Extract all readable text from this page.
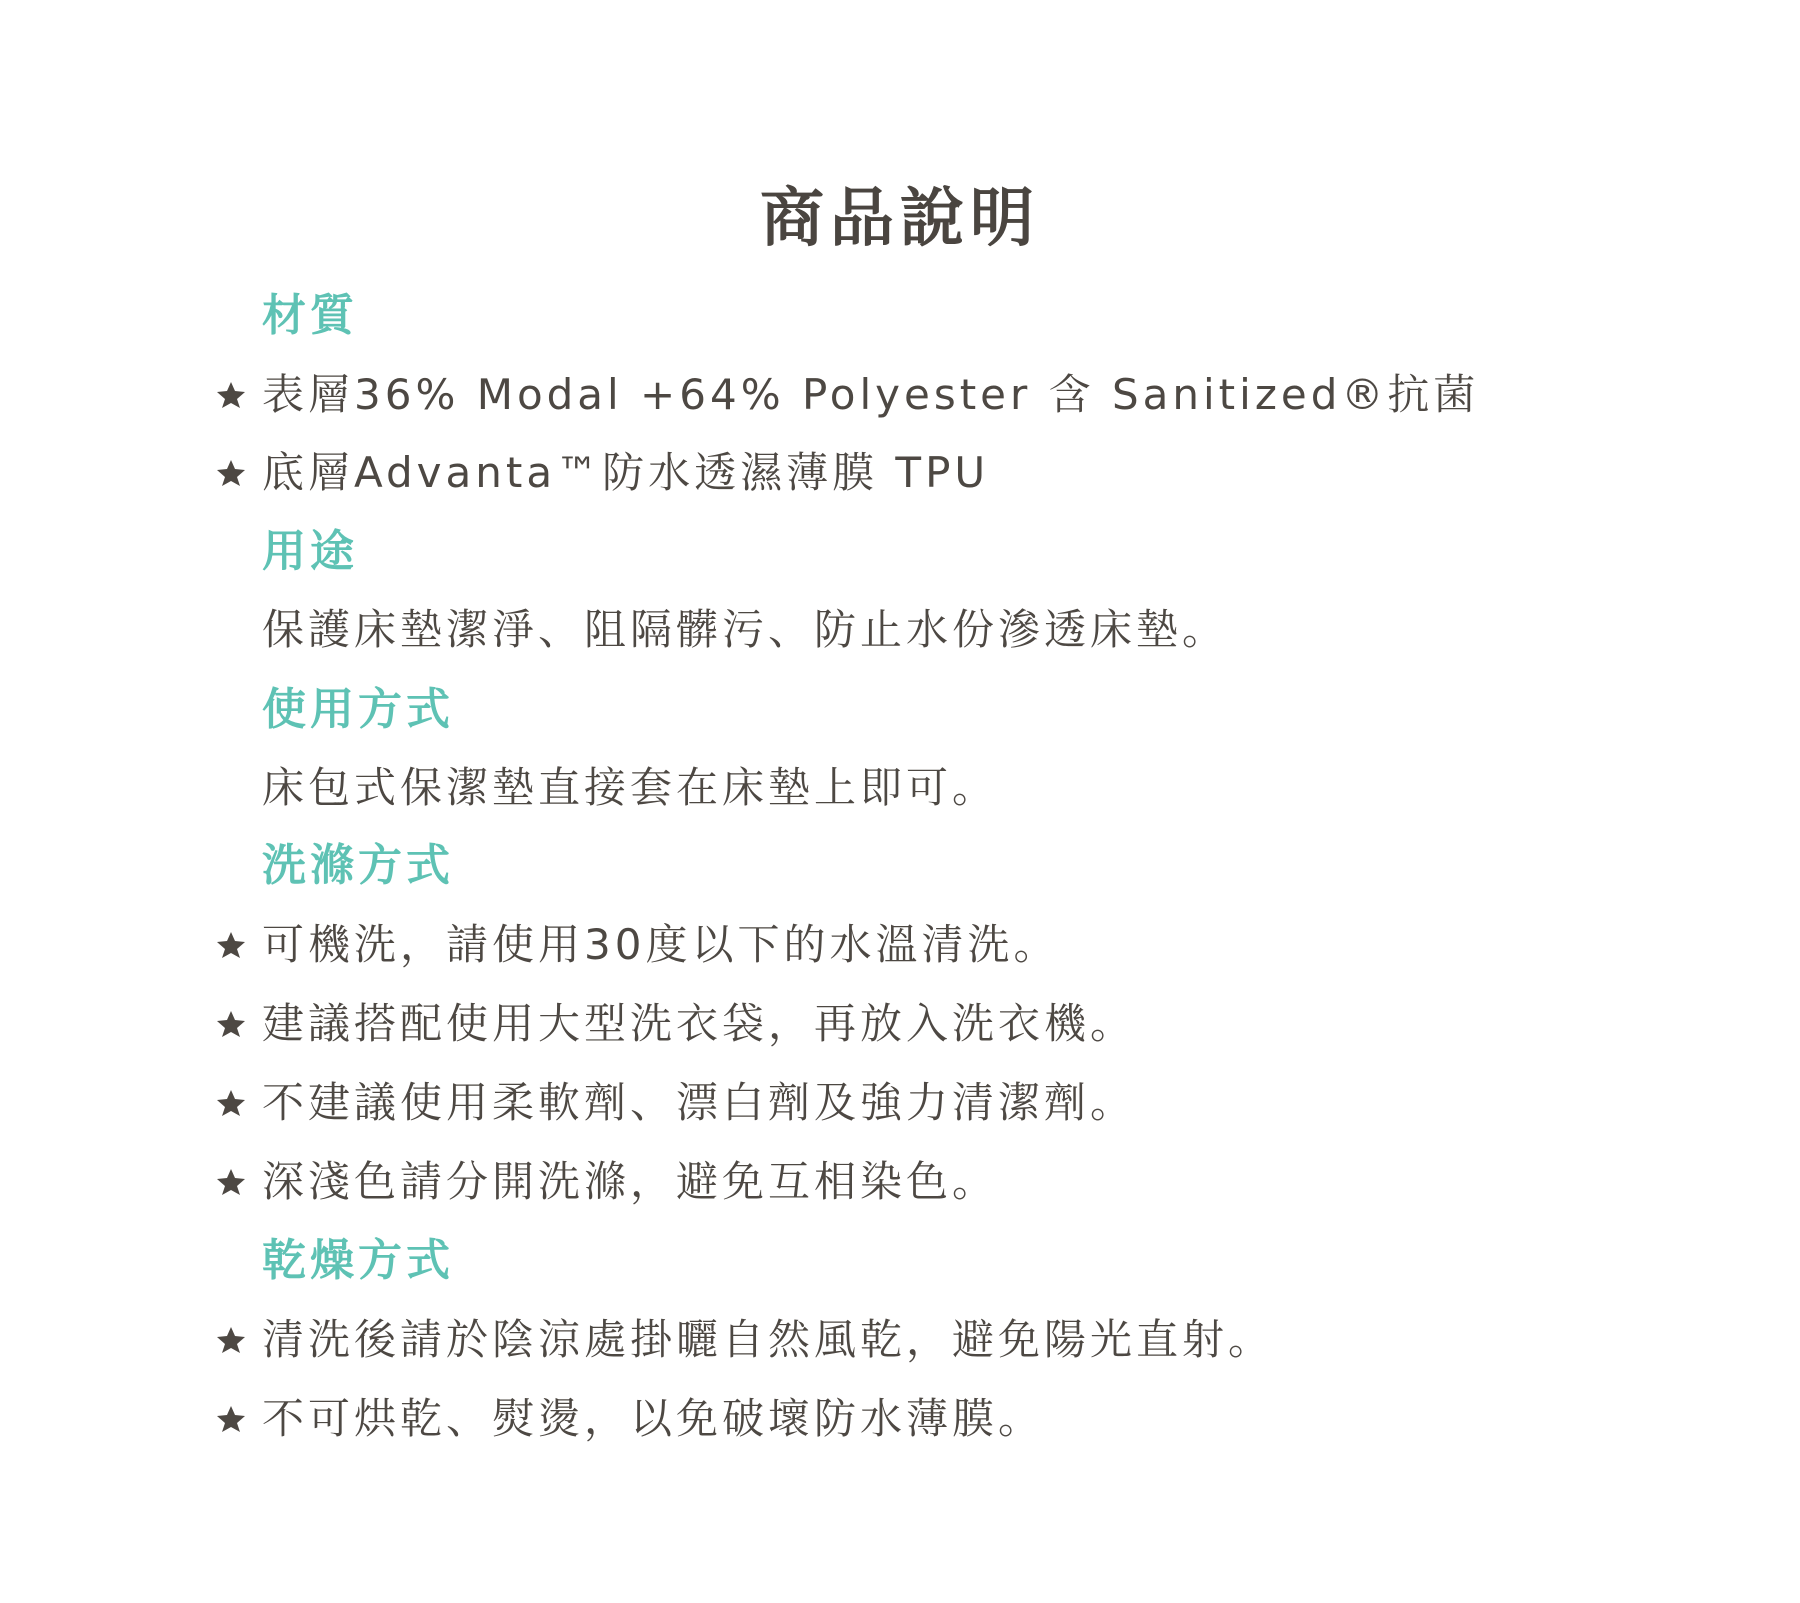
商品說明
材質
表層36% Modal +64% Polyester 含 Sanitized®抗菌
底層Advanta™防水透濕薄膜 TPU
用途
保護床墊潔淨、阻隔髒污、防止水份滲透床墊。
使用方式
床包式保潔墊直接套在床墊上即可。
洗滌方式
可機洗，請使用30度以下的水溫清洗。
建議搭配使用大型洗衣袋，再放入洗衣機。
不建議使用柔軟劑、漂白劑及強力清潔劑。
深淺色請分開洗滌，避免互相染色。
乾燥方式
清洗後請於陰涼處掛曬自然風乾，避免陽光直射。
不可烘乾、熨燙，以免破壞防水薄膜。
